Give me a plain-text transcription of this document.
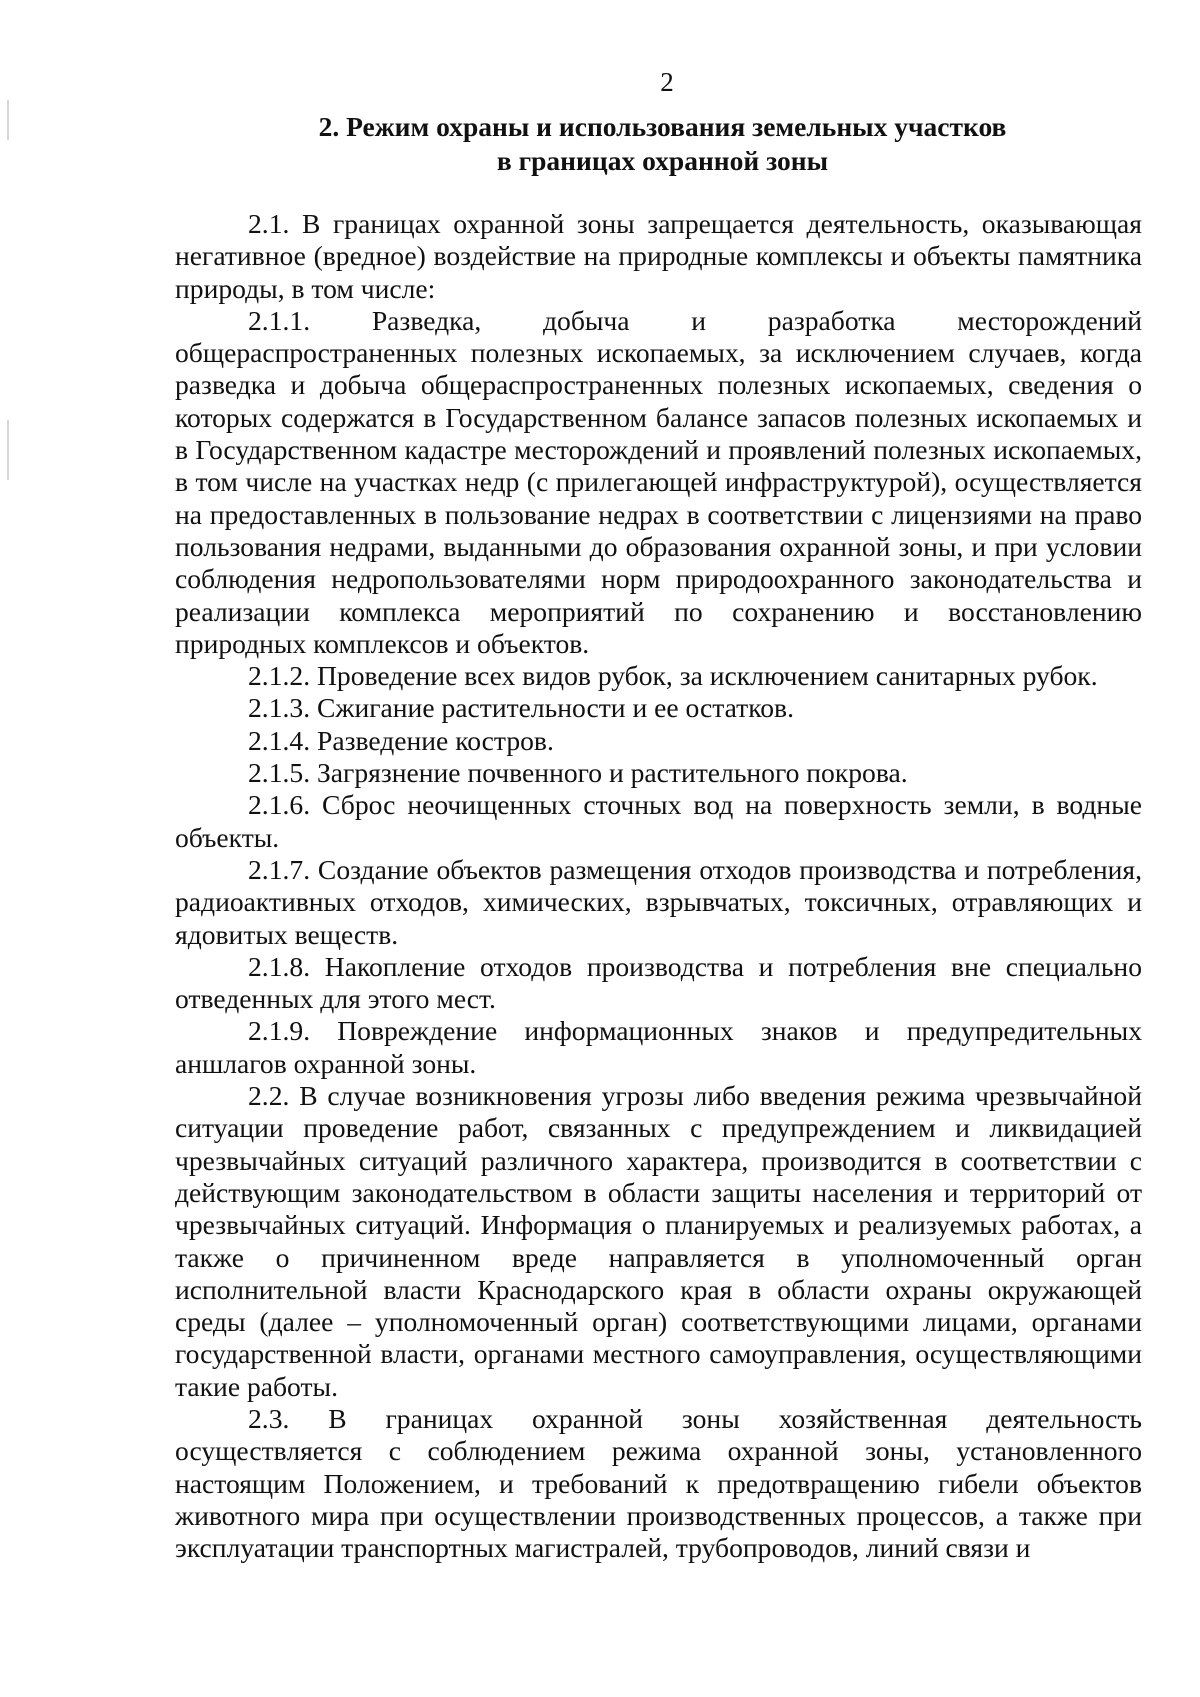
2
2. Режим охраны и использования земельных участков
в границах охранной зоны

2.1. В границах охранной зоны запрещается деятельность, оказывающая негативное (вредное) воздействие на природные комплексы и объекты памятника природы, в том числе:

2.1.1. Разведка, добыча и разработка месторождений общераспространенных полезных ископаемых, за исключением случаев, когда разведка и добыча общераспространенных полезных ископаемых, сведения о которых содержатся в Государственном балансе запасов полезных ископаемых и в Государственном кадастре месторождений и проявлений полезных ископаемых, в том числе на участках недр (с прилегающей инфраструктурой), осуществляется на предоставленных в пользование недрах в соответствии с лицензиями на право пользования недрами, выданными до образования охранной зоны, и при условии соблюдения недропользователями норм природоохранного законодательства и реализации комплекса мероприятий по сохранению и восстановлению природных комплексов и объектов.

2.1.2. Проведение всех видов рубок, за исключением санитарных рубок.

2.1.3. Сжигание растительности и ее остатков.

2.1.4. Разведение костров.

2.1.5. Загрязнение почвенного и растительного покрова.

2.1.6. Сброс неочищенных сточных вод на поверхность земли, в водные объекты.

2.1.7. Создание объектов размещения отходов производства и потребления, радиоактивных отходов, химических, взрывчатых, токсичных, отравляющих и ядовитых веществ.

2.1.8. Накопление отходов производства и потребления вне специально отведенных для этого мест.

2.1.9. Повреждение информационных знаков и предупредительных аншлагов охранной зоны.

2.2. В случае возникновения угрозы либо введения режима чрезвычайной ситуации проведение работ, связанных с предупреждением и ликвидацией чрезвычайных ситуаций различного характера, производится в соответствии с действующим законодательством в области защиты населения и территорий от чрезвычайных ситуаций. Информация о планируемых и реализуемых работах, а также о причиненном вреде направляется в уполномоченный орган исполнительной власти Краснодарского края в области охраны окружающей среды (далее – уполномоченный орган) соответствующими лицами, органами государственной власти, органами местного самоуправления, осуществляющими такие работы.

2.3. В границах охранной зоны хозяйственная деятельность осуществляется с соблюдением режима охранной зоны, установленного настоящим Положением, и требований к предотвращению гибели объектов животного мира при осуществлении производственных процессов, а также при эксплуатации транспортных магистралей, трубопроводов, линий связи и
